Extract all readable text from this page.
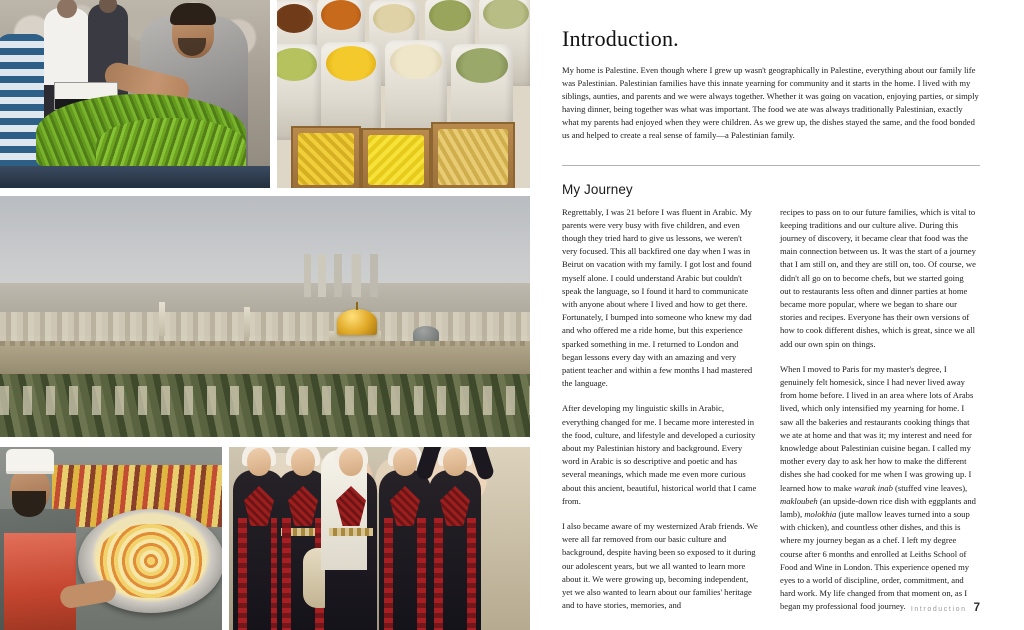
Introduction.

My home is Palestine. Even though where I grew up wasn't geographically in Palestine, everything about our family life was Palestinian. Palestinian families have this innate yearning for community and it starts in the home. I lived with my siblings, aunties, and parents and we were always together. Whether it was going on vacation, enjoying parties, or simply having dinner, being together was what was important. The food we ate was always traditionally Palestinian, exactly what my parents had enjoyed when they were children. As we grew up, the dishes stayed the same, and the food bonded us and helped to create a real sense of family—a Palestinian family.

My Journey

Regrettably, I was 21 before I was fluent in Arabic. My parents were very busy with five children, and even though they tried hard to give us lessons, we weren't very focused. This all backfired one day when I was in Beirut on vacation with my family. I got lost and found myself alone. I could understand Arabic but couldn't speak the language, so I found it hard to communicate with anyone about where I lived and how to get there. Fortunately, I bumped into someone who knew my dad and who offered me a ride home, but this experience sparked something in me. I returned to London and began lessons every day with an amazing and very patient teacher and within a few months I had mastered the language.

After developing my linguistic skills in Arabic, everything changed for me. I became more interested in the food, culture, and lifestyle and developed a curiosity about my Palestinian history and background. Every word in Arabic is so descriptive and poetic and has several meanings, which made me even more curious about this ancient, beautiful, historical world that I came from.

I also became aware of my westernized Arab friends. We were all far removed from our basic culture and background, despite having been so exposed to it during our adolescent years, but we all wanted to learn more about it. We were growing up, becoming independent, yet we also wanted to learn about our families' heritage and to have stories, memories, and

recipes to pass on to our future families, which is vital to keeping traditions and our culture alive. During this journey of discovery, it became clear that food was the main connection between us. It was the start of a journey that I am still on, and they are still on, too. Of course, we didn't all go on to become chefs, but we started going out to restaurants less often and dinner parties at home became more popular, where we began to share our stories and recipes. Everyone has their own versions of how to cook different dishes, which is great, since we all add our own spin on things.

When I moved to Paris for my master's degree, I genuinely felt homesick, since I had never lived away from home before. I lived in an area where lots of Arabs lived, which only intensified my yearning for home. I saw all the bakeries and restaurants cooking things that we ate at home and that was it; my interest and need for knowledge about Palestinian cuisine began. I called my mother every day to ask her how to make the different dishes she had cooked for me when I was growing up. I learned how to make warak inab (stuffed vine leaves), makloubeh (an upside-down rice dish with eggplants and lamb), molokhia (jute mallow leaves turned into a soup with chicken), and countless other dishes, and this is where my journey began as a chef. I left my degree course after 6 months and enrolled at Leiths School of Food and Wine in London. This experience opened my eyes to a world of discipline, order, commitment, and hard work. My life changed from that moment on, as I began my professional food journey. Introduction 7
